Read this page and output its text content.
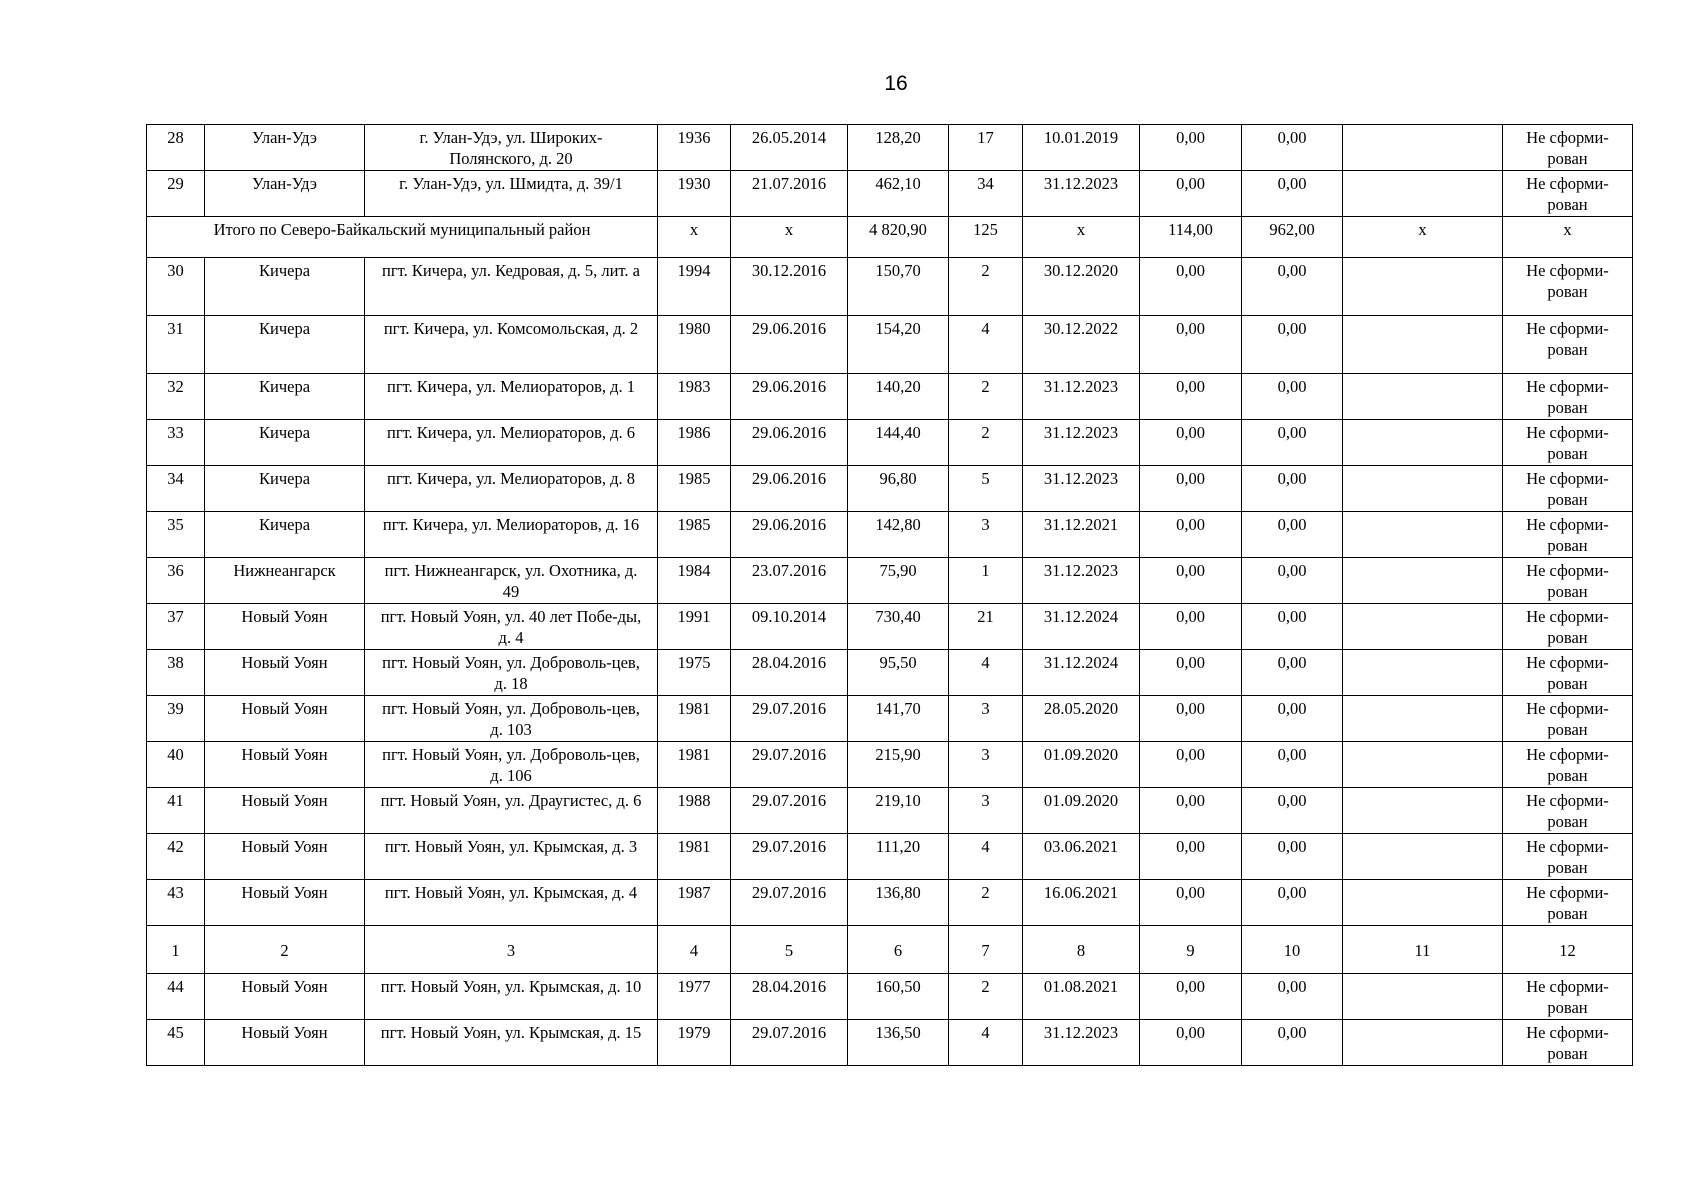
16
28	Улан-Удэ	г. Улан-Удэ, ул. Широких-Полянского, д. 20	1936	26.05.2014	128,20	17	10.01.2019	0,00	0,00		Не сформи-рован
29	Улан-Удэ	г. Улан-Удэ, ул. Шмидта, д. 39/1	1930	21.07.2016	462,10	34	31.12.2023	0,00	0,00		Не сформи-рован
Итого по Северо-Байкальский муниципальный район			х	х	4 820,90	125	х	114,00	962,00	х	х
30	Кичера	пгт. Кичера, ул. Кедровая, д. 5, лит. а	1994	30.12.2016	150,70	2	30.12.2020	0,00	0,00		Не сформи-рован
31	Кичера	пгт. Кичера, ул. Комсомольская, д. 2	1980	29.06.2016	154,20	4	30.12.2022	0,00	0,00		Не сформи-рован
32	Кичера	пгт. Кичера, ул. Мелиораторов, д. 1	1983	29.06.2016	140,20	2	31.12.2023	0,00	0,00		Не сформи-рован
33	Кичера	пгт. Кичера, ул. Мелиораторов, д. 6	1986	29.06.2016	144,40	2	31.12.2023	0,00	0,00		Не сформи-рован
34	Кичера	пгт. Кичера, ул. Мелиораторов, д. 8	1985	29.06.2016	96,80	5	31.12.2023	0,00	0,00		Не сформи-рован
35	Кичера	пгт. Кичера, ул. Мелиораторов, д. 16	1985	29.06.2016	142,80	3	31.12.2021	0,00	0,00		Не сформи-рован
36	Нижнеангарск	пгт. Нижнеангарск, ул. Охотника, д. 49	1984	23.07.2016	75,90	1	31.12.2023	0,00	0,00		Не сформи-рован
37	Новый Уоян	пгт. Новый Уоян, ул. 40 лет Побе-ды, д. 4	1991	09.10.2014	730,40	21	31.12.2024	0,00	0,00		Не сформи-рован
38	Новый Уоян	пгт. Новый Уоян, ул. Доброволь-цев, д. 18	1975	28.04.2016	95,50	4	31.12.2024	0,00	0,00		Не сформи-рован
39	Новый Уоян	пгт. Новый Уоян, ул. Доброволь-цев, д. 103	1981	29.07.2016	141,70	3	28.05.2020	0,00	0,00		Не сформи-рован
40	Новый Уоян	пгт. Новый Уоян, ул. Доброволь-цев, д. 106	1981	29.07.2016	215,90	3	01.09.2020	0,00	0,00		Не сформи-рован
41	Новый Уоян	пгт. Новый Уоян, ул. Драугистес, д. 6	1988	29.07.2016	219,10	3	01.09.2020	0,00	0,00		Не сформи-рован
42	Новый Уоян	пгт. Новый Уоян, ул. Крымская, д. 3	1981	29.07.2016	111,20	4	03.06.2021	0,00	0,00		Не сформи-рован
43	Новый Уоян	пгт. Новый Уоян, ул. Крымская, д. 4	1987	29.07.2016	136,80	2	16.06.2021	0,00	0,00		Не сформи-рован
1	2	3	4	5	6	7	8	9	10	11	12
44	Новый Уоян	пгт. Новый Уоян, ул. Крымская, д. 10	1977	28.04.2016	160,50	2	01.08.2021	0,00	0,00		Не сформи-рован
45	Новый Уоян	пгт. Новый Уоян, ул. Крымская, д. 15	1979	29.07.2016	136,50	4	31.12.2023	0,00	0,00		Не сформи-рован
